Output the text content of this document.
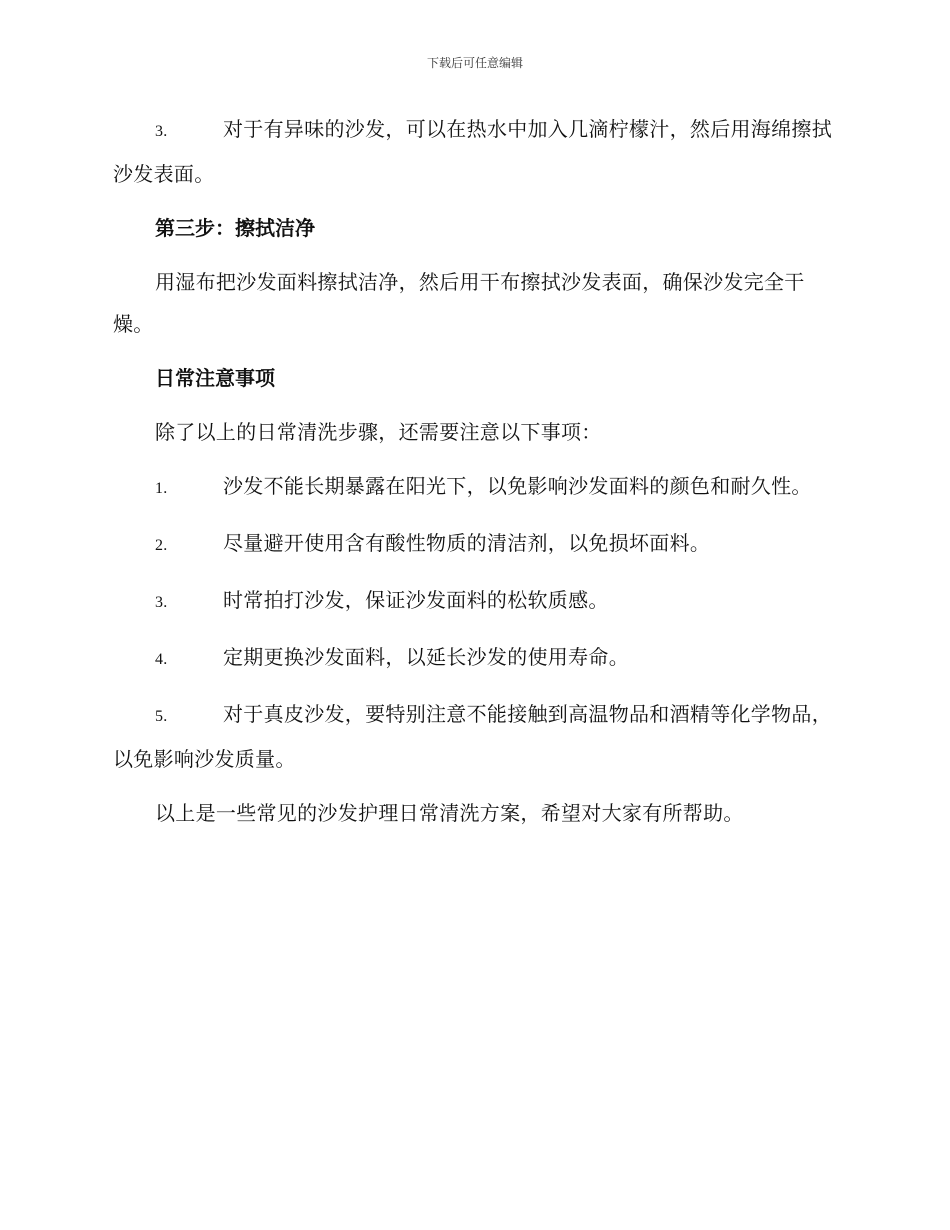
下载后可任意编辑
3.	对于有异味的沙发，可以在热水中加入几滴柠檬汁，然后用海绵擦拭沙发表面。
第三步：擦拭洁净
用湿布把沙发面料擦拭洁净，然后用干布擦拭沙发表面，确保沙发完全干燥。
日常注意事项
除了以上的日常清洗步骤，还需要注意以下事项：
1.	沙发不能长期暴露在阳光下，以免影响沙发面料的颜色和耐久性。
2.	尽量避开使用含有酸性物质的清洁剂，以免损坏面料。
3.	时常拍打沙发，保证沙发面料的松软质感。
4.	定期更换沙发面料，以延长沙发的使用寿命。
5.	对于真皮沙发，要特别注意不能接触到高温物品和酒精等化学物品，以免影响沙发质量。
以上是一些常见的沙发护理日常清洗方案，希望对大家有所帮助。
